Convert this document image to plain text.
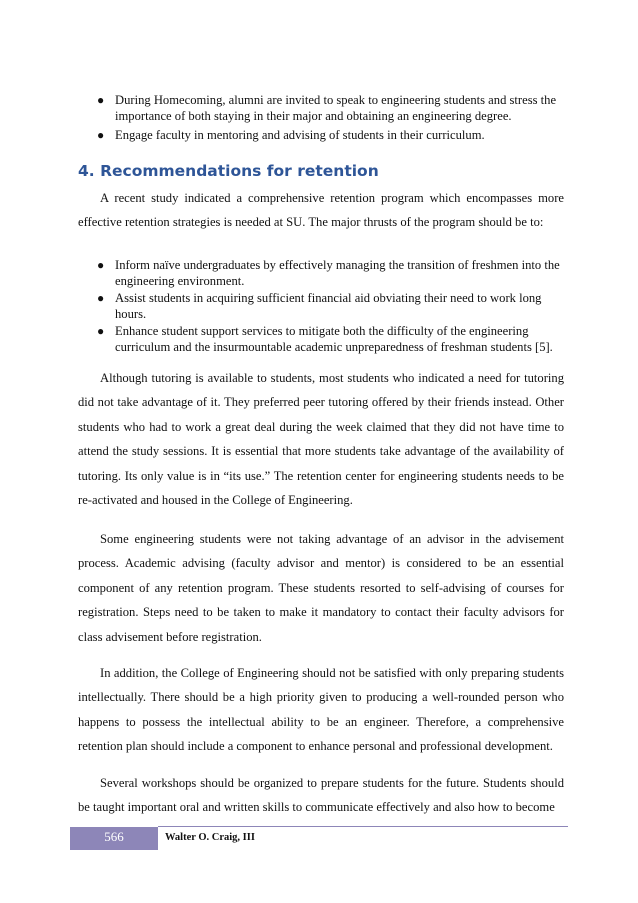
● During Homecoming, alumni are invited to speak to engineering students and stress the importance of both staying in their major and obtaining an engineering degree.
● Engage faculty in mentoring and advising of students in their curriculum.
4. Recommendations for retention

A recent study indicated a comprehensive retention program which encompasses more effective retention strategies is needed at SU. The major thrusts of the program should be to:

● Inform naïve undergraduates by effectively managing the transition of freshmen into the engineering environment.
● Assist students in acquiring sufficient financial aid obviating their need to work long hours.
● Enhance student support services to mitigate both the difficulty of the engineering curriculum and the insurmountable academic unpreparedness of freshman students [5].

Although tutoring is available to students, most students who indicated a need for tutoring did not take advantage of it. They preferred peer tutoring offered by their friends instead. Other students who had to work a great deal during the week claimed that they did not have time to attend the study sessions. It is essential that more students take advantage of the availability of tutoring. Its only value is in “its use.” The retention center for engineering students needs to be re-activated and housed in the College of Engineering.

Some engineering students were not taking advantage of an advisor in the advisement process. Academic advising (faculty advisor and mentor) is considered to be an essential component of any retention program. These students resorted to self-advising of courses for registration. Steps need to be taken to make it mandatory to contact their faculty advisors for class advisement before registration.

In addition, the College of Engineering should not be satisfied with only preparing students intellectually. There should be a high priority given to producing a well-rounded person who happens to possess the intellectual ability to be an engineer. Therefore, a comprehensive retention plan should include a component to enhance personal and professional development.

Several workshops should be organized to prepare students for the future. Students should be taught important oral and written skills to communicate effectively and also how to become

566	Walter O. Craig, III
